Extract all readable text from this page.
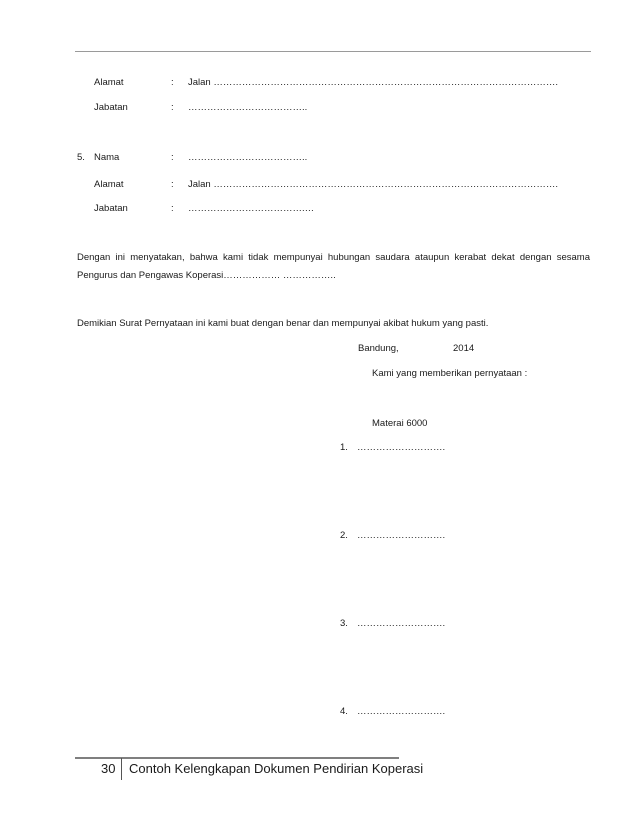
Alamat	: Jalan ……………………………………………………………………………………………….
Jabatan	: ………………………………..
5. Nama	: ………………………………..
Alamat	: Jalan ……………………………………………………………………………………………….
Jabatan	: ……………………………….…
Dengan ini menyatakan, bahwa kami tidak mempunyai hubungan saudara ataupun kerabat dekat dengan sesama Pengurus dan Pengawas Koperasi……………… ……………..
Demikian Surat Pernyataan ini kami buat dengan benar dan mempunyai akibat hukum yang pasti.
Bandung,	2014
Kami yang memberikan pernyataan :
Materai 6000
1. ……………………….
2. ……………………….
3. ……………………….
4. ……………………….
30 Contoh Kelengkapan Dokumen Pendirian Koperasi
